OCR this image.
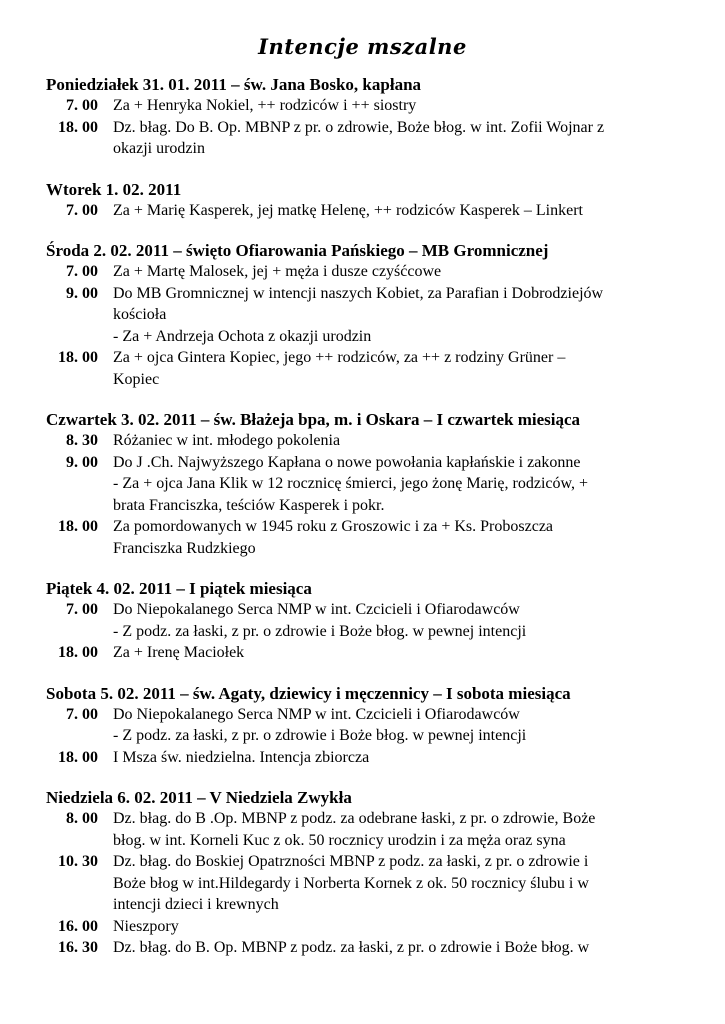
Intencje mszalne
Poniedziałek 31. 01. 2011 – św. Jana Bosko, kapłana
7. 00 Za + Henryka Nokiel, ++ rodziców i ++ siostry
18. 00 Dz. błag. Do B. Op. MBNP z pr. o zdrowie, Boże błog. w int. Zofii Wojnar z
okazji urodzin
Wtorek 1. 02. 2011
7. 00 Za + Marię Kasperek, jej matkę Helenę, ++ rodziców Kasperek – Linkert
Środa 2. 02. 2011 – święto Ofiarowania Pańskiego – MB Gromnicznej
7. 00 Za + Martę Malosek, jej + męża i dusze czyśćcowe
9. 00 Do MB Gromnicznej w intencji naszych Kobiet, za Parafian i Dobrodziejów
kościoła
- Za + Andrzeja Ochota z okazji urodzin
18. 00 Za + ojca Gintera Kopiec, jego ++ rodziców, za ++ z rodziny Grüner –
Kopiec
Czwartek 3. 02. 2011 – św. Błażeja bpa, m. i Oskara – I czwartek miesiąca
8. 30 Różaniec w int. młodego pokolenia
9. 00 Do J .Ch. Najwyższego Kapłana o nowe powołania kapłańskie i zakonne
- Za + ojca Jana Klik w 12 rocznicę śmierci, jego żonę Marię, rodziców, +
brata Franciszka, teściów Kasperek i pokr.
18. 00 Za pomordowanych w 1945 roku z Groszowic i za + Ks. Proboszcza
Franciszka Rudzkiego
Piątek 4. 02. 2011 – I piątek miesiąca
7. 00 Do Niepokalanego Serca NMP w int. Czcicieli i Ofiarodawców
- Z podz. za łaski, z pr. o zdrowie i Boże błog. w pewnej intencji
18. 00 Za + Irenę Maciołek
Sobota 5. 02. 2011 – św. Agaty, dziewicy i męczennicy – I sobota miesiąca
7. 00 Do Niepokalanego Serca NMP w int. Czcicieli i Ofiarodawców
- Z podz. za łaski, z pr. o zdrowie i Boże błog. w pewnej intencji
18. 00 I Msza św. niedzielna. Intencja zbiorcza
Niedziela 6. 02. 2011 – V Niedziela Zwykła
8. 00 Dz. błag. do B .Op. MBNP z podz. za odebrane łaski, z pr. o zdrowie, Boże
błog. w int. Korneli Kuc z ok. 50 rocznicy urodzin i za męża oraz syna
10. 30 Dz. błag. do Boskiej Opatrzności MBNP z podz. za łaski, z pr. o zdrowie i
Boże błog w int.Hildegardy i Norberta Kornek z ok. 50 rocznicy ślubu i w
intencji dzieci i krewnych
16. 00 Nieszpory
16. 30 Dz. błag. do B. Op. MBNP z podz. za łaski, z pr. o zdrowie i Boże błog. w
